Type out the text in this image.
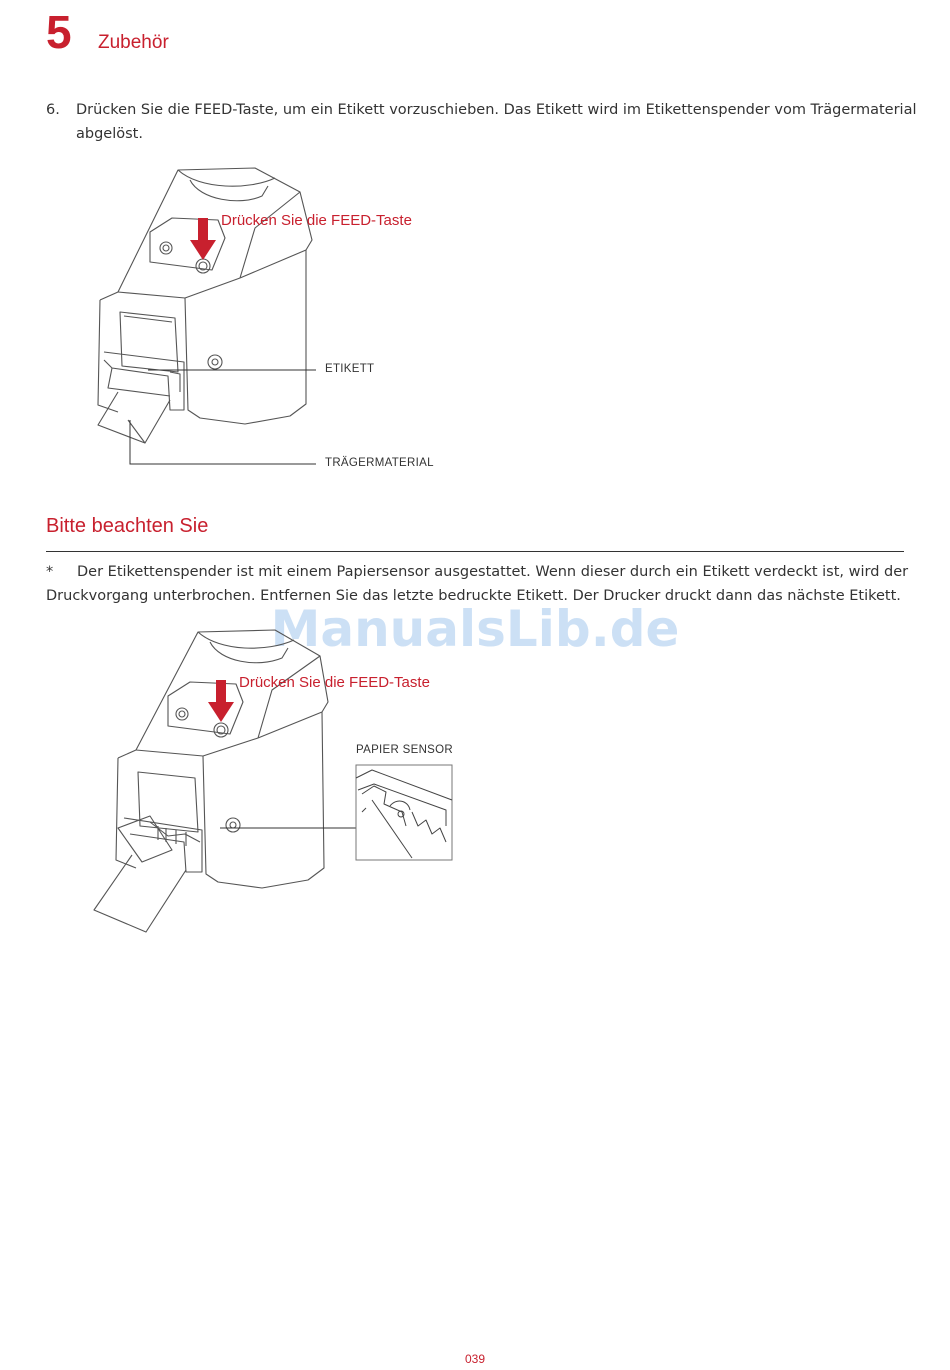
5 Zubehör
6. Drücken Sie die FEED-Taste, um ein Etikett vorzuschieben. Das Etikett wird im Etikettenspender vom Trägermaterial abgelöst.
Drücken Sie die FEED-Taste
ETIKETT
TRÄGERMATERIAL
Bitte beachten Sie
*	Der Etikettenspender ist mit einem Papiersensor ausgestattet. Wenn dieser durch ein Etikett verdeckt ist, wird der Druckvorgang unterbrochen. Entfernen Sie das letzte bedruckte Etikett. Der Drucker druckt dann das nächste Etikett.
ManualsLib.de
Drücken Sie die FEED-Taste
PAPIER SENSOR
039
